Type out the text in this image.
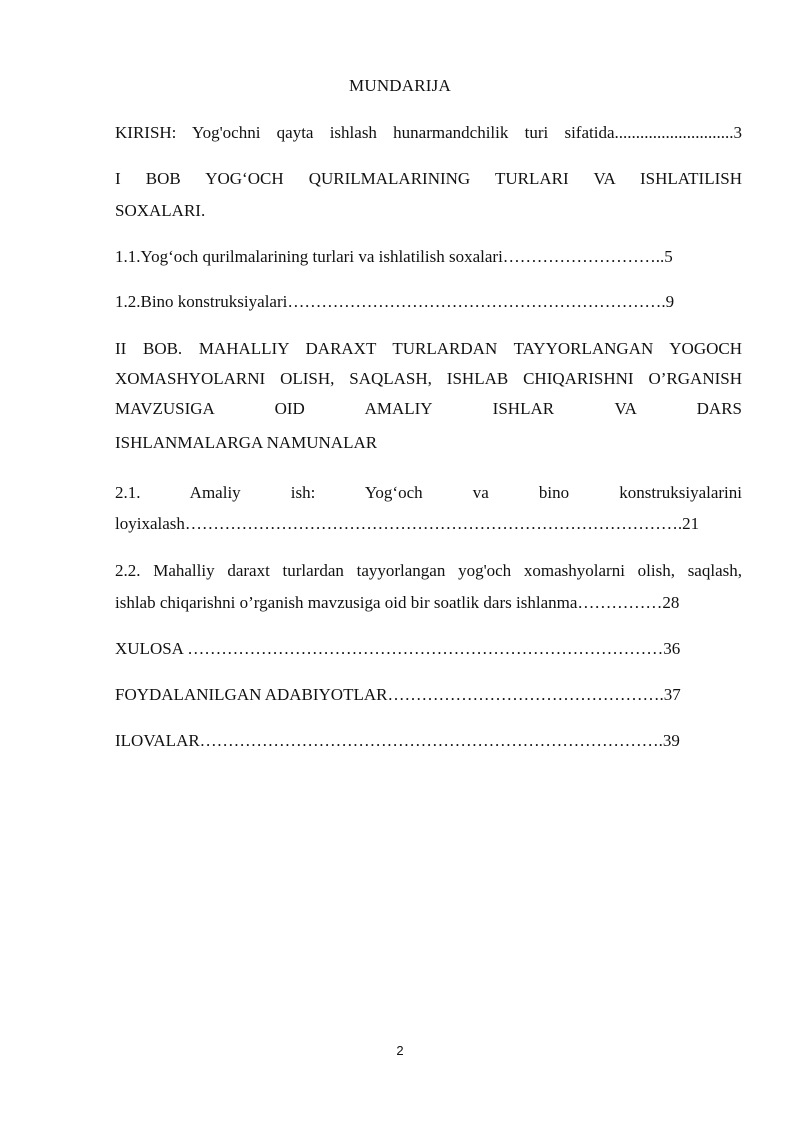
MUNDARIJA
KIRISH: Yog'ochni qayta ishlash hunarmandchilik turi sifatida............................3
I BOB YOG‘OCH QURILMALARINING TURLARI VA ISHLATILISH
SOXALARI.
1.1.Yog‘och qurilmalarining turlari va ishlatilish soxalari………………………..5
1.2.Bino konstruksiyalari………………………………………………………….9
II BOB. MAHALLIY DARAXT TURLARDAN TAYYORLANGAN YOGOCH XOMASHYOLARNI OLISH, SAQLASH, ISHLAB CHIQARISHNI O’RGANISH MAVZUSIGA OID AMALIY ISHLAR VA DARS
ISHLANMALARGA NAMUNALAR
2.1. Amaliy ish: Yog‘och va bino konstruksiyalarini
loyixalash…………………………………………………………………………….21
2.2. Mahalliy daraxt turlardan tayyorlangan yog'och xomashyolarni olish, saqlash,
ishlab chiqarishni o’rganish mavzusiga oid bir soatlik dars ishlanma……………28
XULOSA …………………………………………………………………………36
FOYDALANILGAN ADABIYOTLAR………………………………………….37
ILOVALAR……………………………………………………………………….39
2
